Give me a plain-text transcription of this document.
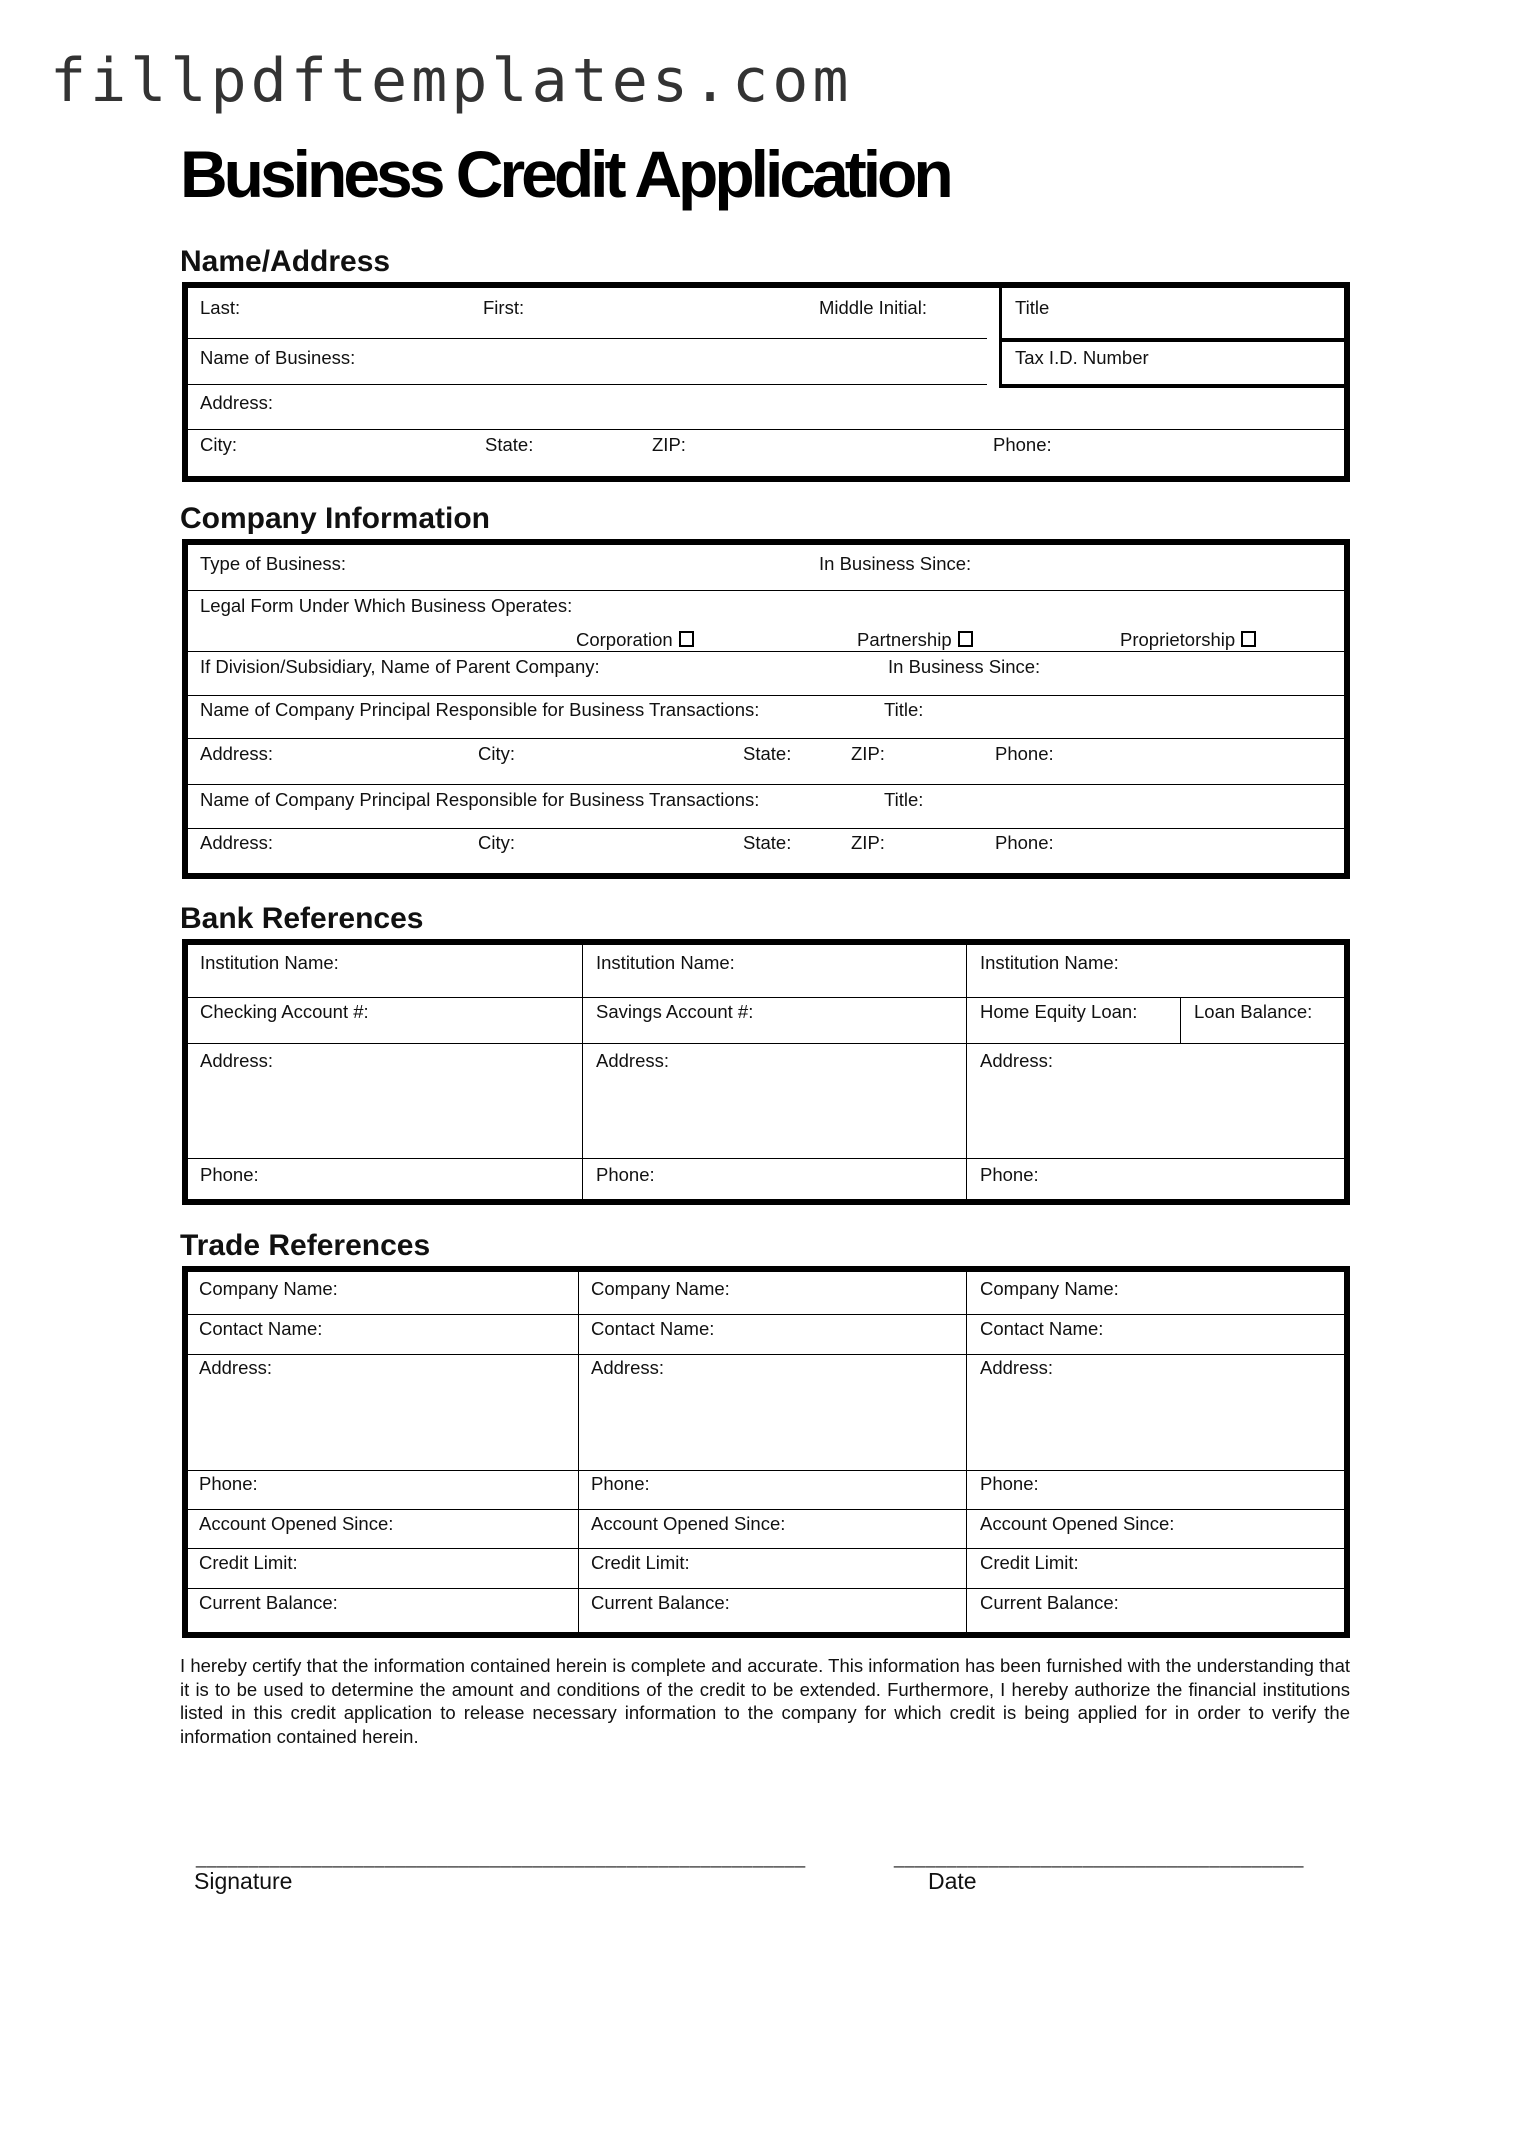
fillpdftemplates.com
Business Credit Application
Name/Address
Last:	First:	Middle Initial:	Title
Name of Business:	Tax I.D. Number
Address:
City:	State:	ZIP:	Phone:
Company Information
Type of Business:	In Business Since:
Legal Form Under Which Business Operates:
Corporation	Partnership	Proprietorship
If Division/Subsidiary, Name of Parent Company:	In Business Since:
Name of Company Principal Responsible for Business Transactions:	Title:
Address:	City:	State:	ZIP:	Phone:
Name of Company Principal Responsible for Business Transactions:	Title:
Address:	City:	State:	ZIP:	Phone:
Bank References
Institution Name:	Institution Name:	Institution Name:
Checking Account #:	Savings Account #:	Home Equity Loan:	Loan Balance:
Address:	Address:	Address:
Phone:	Phone:	Phone:
Trade References
Company Name:	Company Name:	Company Name:
Contact Name:	Contact Name:	Contact Name:
Address:	Address:	Address:
Phone:	Phone:	Phone:
Account Opened Since:	Account Opened Since:	Account Opened Since:
Credit Limit:	Credit Limit:	Credit Limit:
Current Balance:	Current Balance:	Current Balance:
I hereby certify that the information contained herein is complete and accurate. This information has been furnished with the understanding that it is to be used to determine the amount and conditions of the credit to be extended. Furthermore, I hereby authorize the financial institutions listed in this credit application to release necessary information to the company for which credit is being applied for in order to verify the information contained herein.
__________________________________________________________
Signature
_______________________________________
Date
